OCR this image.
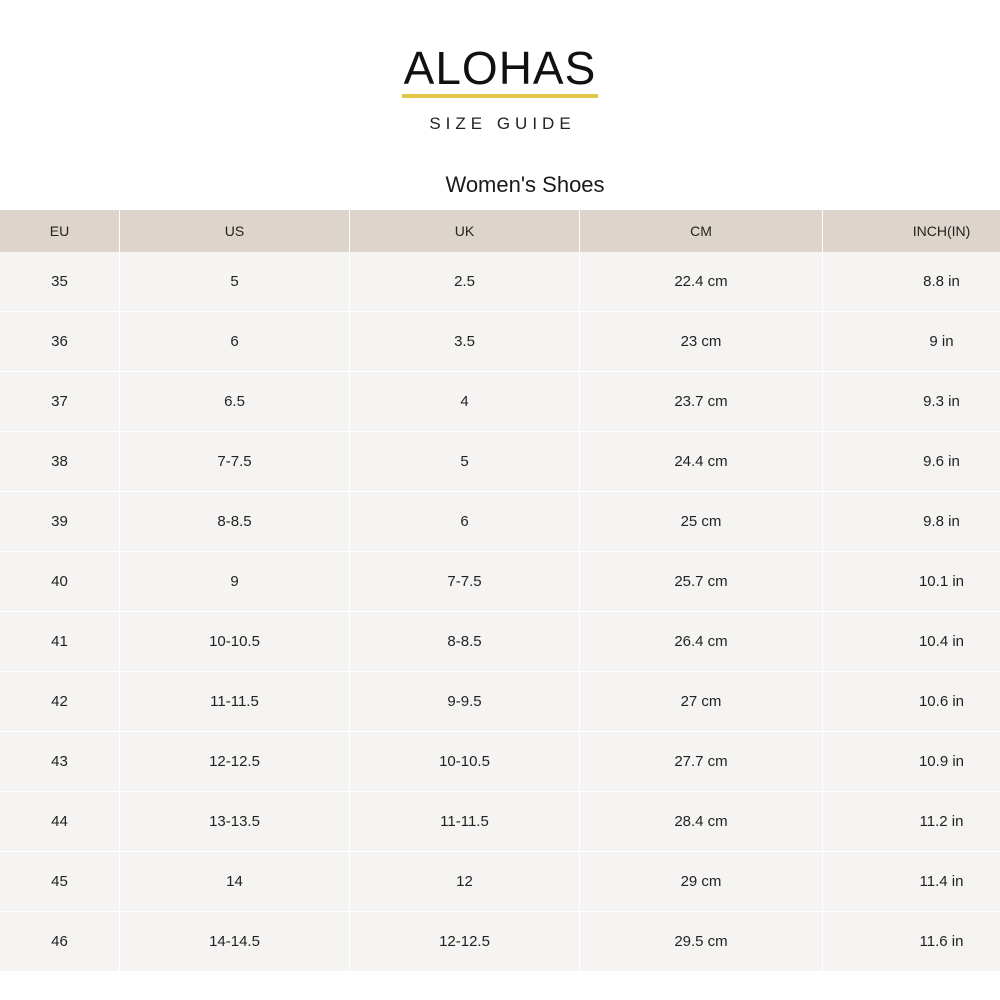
ALOHAS
SIZE GUIDE
Women's Shoes
EU	US	UK	CM	INCH(IN)
35	5	2.5	22.4 cm	8.8 in
36	6	3.5	23 cm	9 in
37	6.5	4	23.7 cm	9.3 in
38	7-7.5	5	24.4 cm	9.6 in
39	8-8.5	6	25 cm	9.8 in
40	9	7-7.5	25.7 cm	10.1 in
41	10-10.5	8-8.5	26.4 cm	10.4 in
42	11-11.5	9-9.5	27 cm	10.6 in
43	12-12.5	10-10.5	27.7 cm	10.9 in
44	13-13.5	11-11.5	28.4 cm	11.2 in
45	14	12	29 cm	11.4 in
46	14-14.5	12-12.5	29.5 cm	11.6 in
